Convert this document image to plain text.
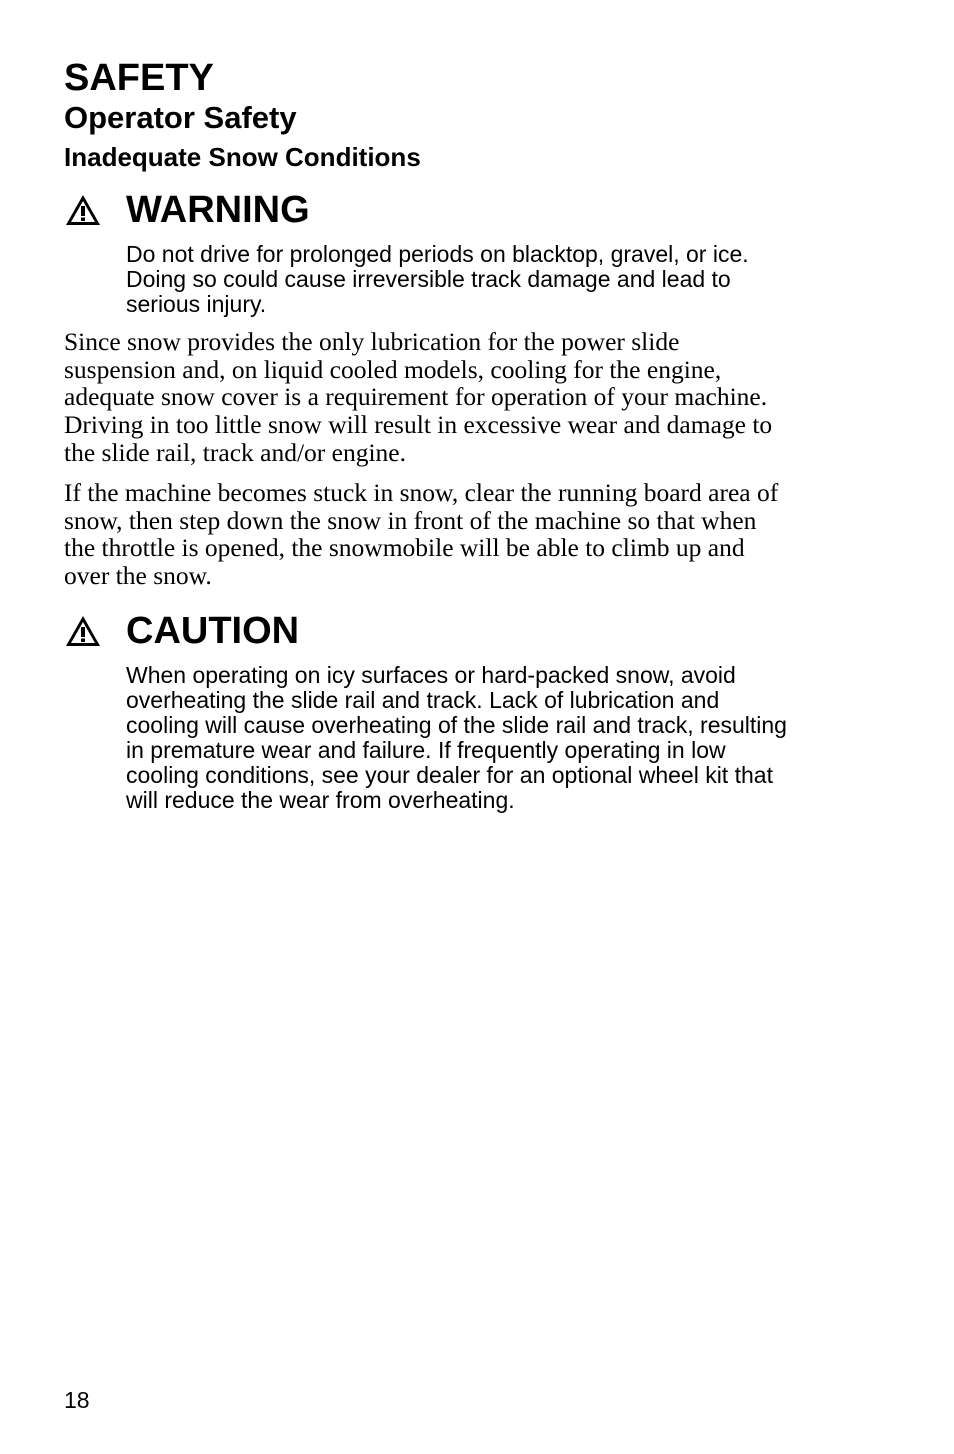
SAFETY
Operator Safety
Inadequate Snow Conditions
WARNING
Do not drive for prolonged periods on blacktop, gravel, or ice.
Doing so could cause irreversible track damage and lead to
serious injury.
Since snow provides the only lubrication for the power slide
suspension and, on liquid cooled models, cooling for the engine,
adequate snow cover is a requirement for operation of your machine.
Driving in too little snow will result in excessive wear and damage to
the slide rail, track and/or engine.
If the machine becomes stuck in snow, clear the running board area of
snow, then step down the snow in front of the machine so that when
the throttle is opened, the snowmobile will be able to climb up and
over the snow.
CAUTION
When operating on icy surfaces or hard-packed snow, avoid
overheating the slide rail and track. Lack of lubrication and
cooling will cause overheating of the slide rail and track, resulting
in premature wear and failure. If frequently operating in low
cooling conditions, see your dealer for an optional wheel kit that
will reduce the wear from overheating.
18
